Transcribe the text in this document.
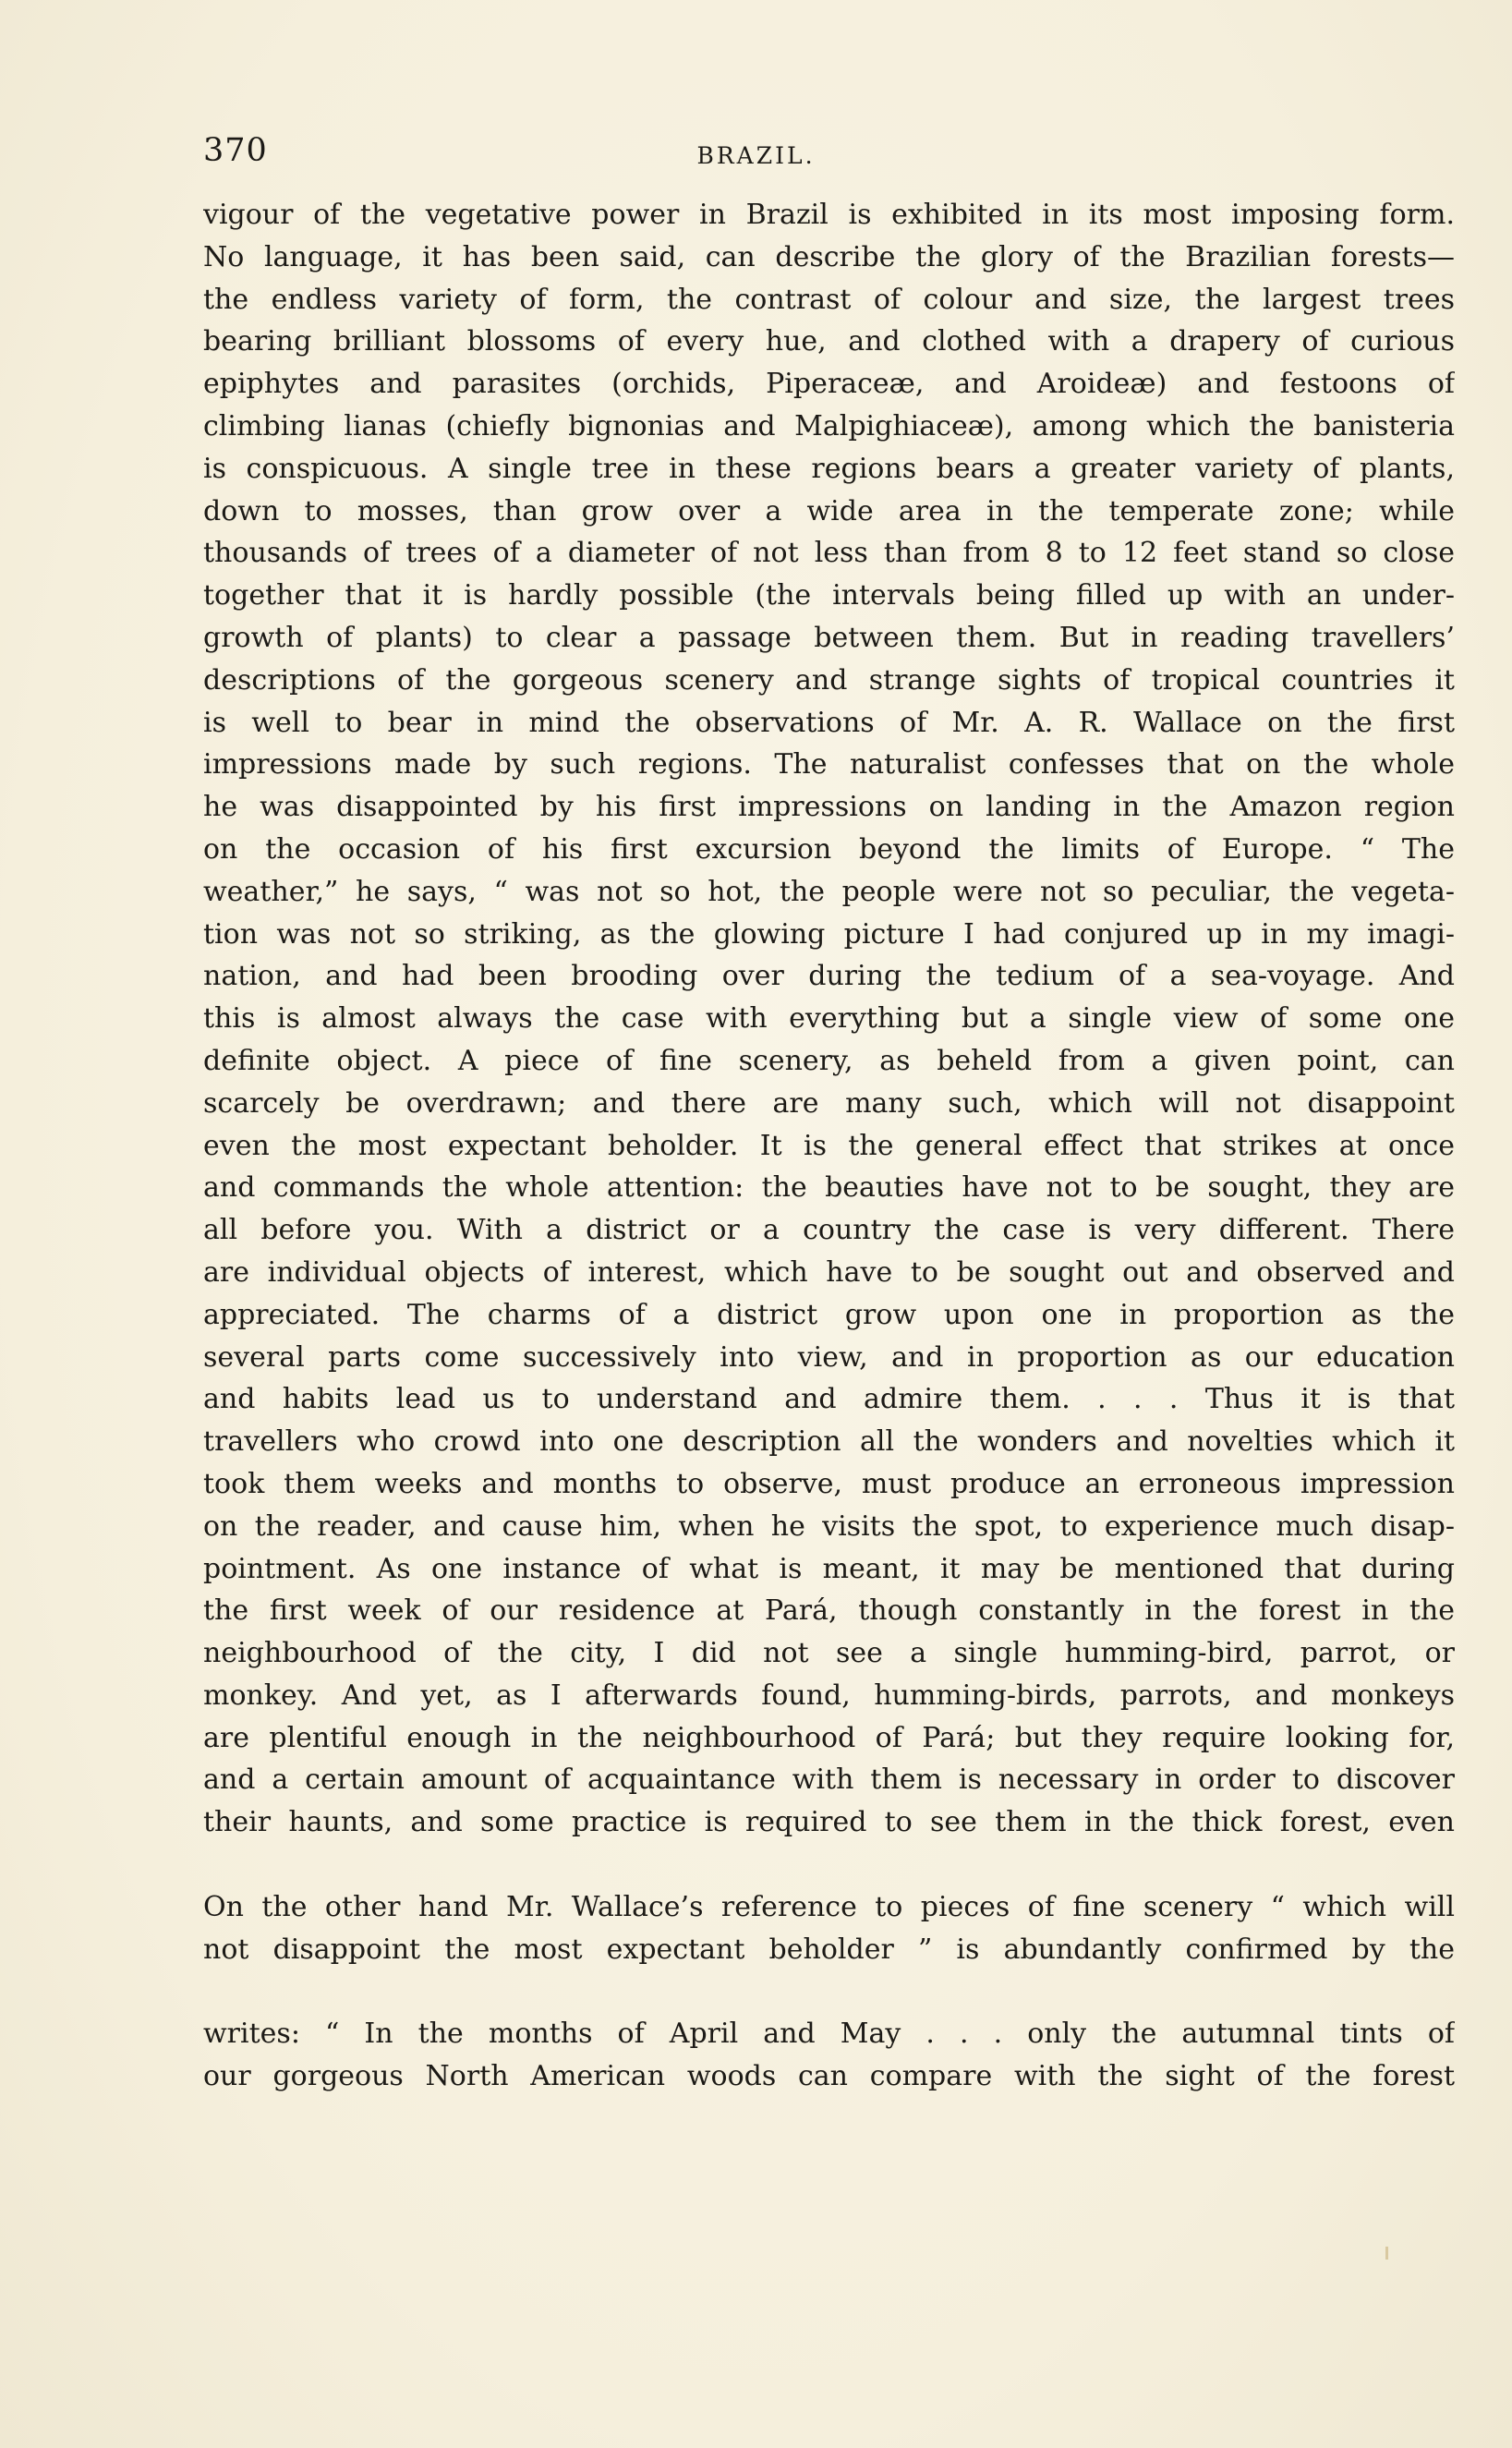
370	BRAZIL.
vigour of the vegetative power in Brazil is exhibited in its most imposing form.
No language, it has been said, can describe the glory of the Brazilian forests—
the endless variety of form, the contrast of colour and size, the largest trees
bearing brilliant blossoms of every hue, and clothed with a drapery of curious
epiphytes and parasites (orchids, Piperaceæ, and Aroideæ) and festoons of
climbing lianas (chiefly bignonias and Malpighiaceæ), among which the banisteria
is conspicuous. A single tree in these regions bears a greater variety of plants,
down to mosses, than grow over a wide area in the temperate zone; while
thousands of trees of a diameter of not less than from 8 to 12 feet stand so close
together that it is hardly possible (the intervals being filled up with an under-
growth of plants) to clear a passage between them. But in reading travellers’
descriptions of the gorgeous scenery and strange sights of tropical countries it
is well to bear in mind the observations of Mr. A. R. Wallace on the first
impressions made by such regions. The naturalist confesses that on the whole
he was disappointed by his first impressions on landing in the Amazon region
on the occasion of his first excursion beyond the limits of Europe. “ The
weather,” he says, “ was not so hot, the people were not so peculiar, the vegeta-
tion was not so striking, as the glowing picture I had conjured up in my imagi-
nation, and had been brooding over during the tedium of a sea-voyage. And
this is almost always the case with everything but a single view of some one
definite object. A piece of fine scenery, as beheld from a given point, can
scarcely be overdrawn; and there are many such, which will not disappoint
even the most expectant beholder. It is the general effect that strikes at once
and commands the whole attention: the beauties have not to be sought, they are
all before you. With a district or a country the case is very different. There
are individual objects of interest, which have to be sought out and observed and
appreciated. The charms of a district grow upon one in proportion as the
several parts come successively into view, and in proportion as our education
and habits lead us to understand and admire them. . . . Thus it is that
travellers who crowd into one description all the wonders and novelties which it
took them weeks and months to observe, must produce an erroneous impression
on the reader, and cause him, when he visits the spot, to experience much disap-
pointment. As one instance of what is meant, it may be mentioned that during
the first week of our residence at Pará, though constantly in the forest in the
neighbourhood of the city, I did not see a single humming-bird, parrot, or
monkey. And yet, as I afterwards found, humming-birds, parrots, and monkeys
are plentiful enough in the neighbourhood of Pará; but they require looking for,
and a certain amount of acquaintance with them is necessary in order to discover
their haunts, and some practice is required to see them in the thick forest, even

On the other hand Mr. Wallace’s reference to pieces of fine scenery “ which will
not disappoint the most expectant beholder ” is abundantly confirmed by the

writes: “ In the months of April and May . . . only the autumnal tints of
our gorgeous North American woods can compare with the sight of the forest
